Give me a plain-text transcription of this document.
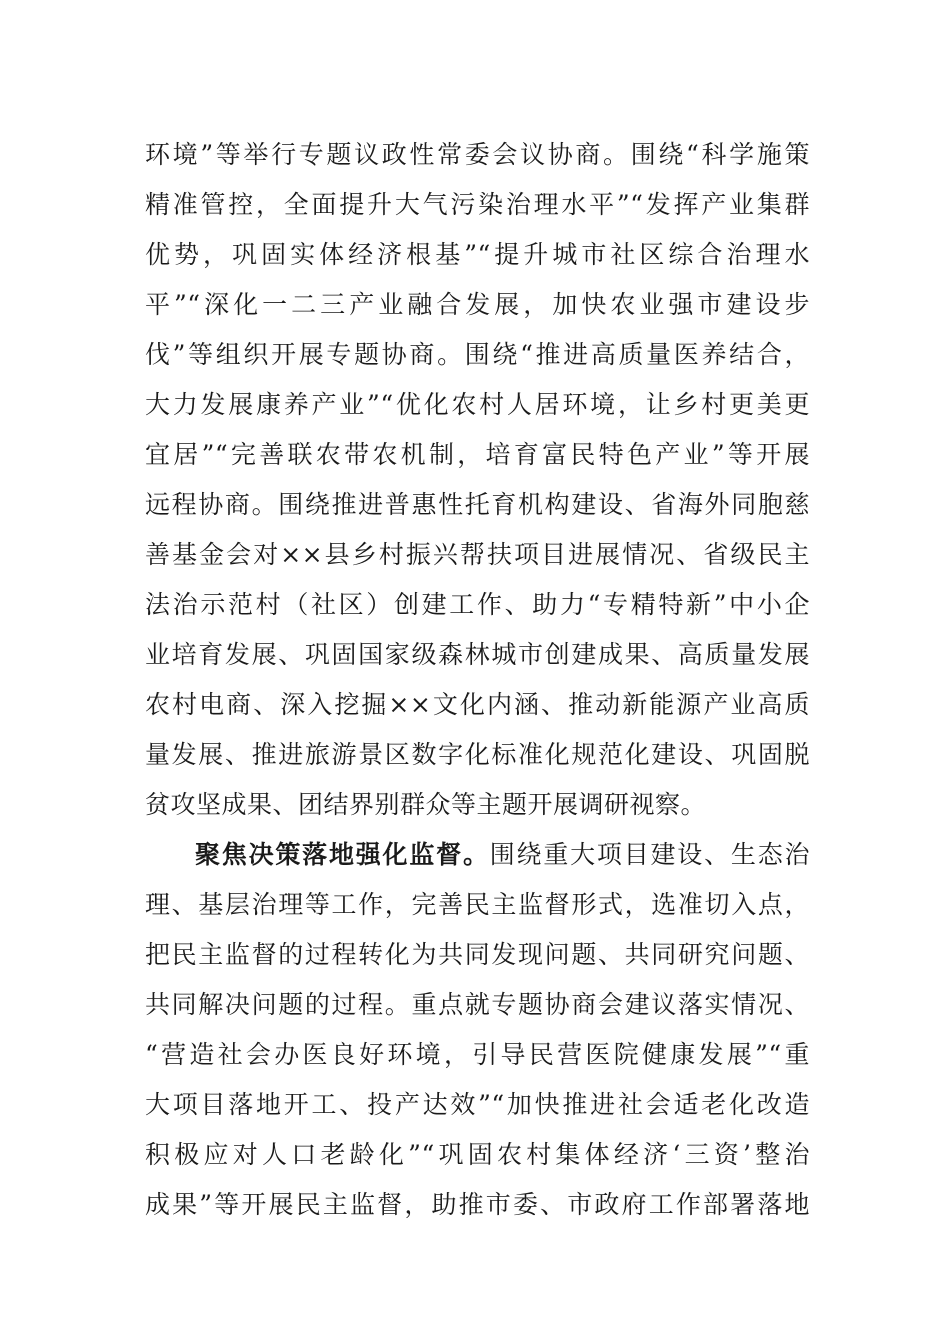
环境”等举行专题议政性常委会议协商。围绕“科学施策
精准管控，全面提升大气污染治理水平”“发挥产业集群
优势，巩固实体经济根基”“提升城市社区综合治理水
平”“深化一二三产业融合发展，加快农业强市建设步
伐”等组织开展专题协商。围绕“推进高质量医养结合，
大力发展康养产业”“优化农村人居环境，让乡村更美更
宜居”“完善联农带农机制，培育富民特色产业”等开展
远程协商。围绕推进普惠性托育机构建设、省海外同胞慈
善基金会对××县乡村振兴帮扶项目进展情况、省级民主
法治示范村（社区）创建工作、助力“专精特新”中小企
业培育发展、巩固国家级森林城市创建成果、高质量发展
农村电商、深入挖掘××文化内涵、推动新能源产业高质
量发展、推进旅游景区数字化标准化规范化建设、巩固脱
贫攻坚成果、团结界别群众等主题开展调研视察。
聚焦决策落地强化监督。围绕重大项目建设、生态治
理、基层治理等工作，完善民主监督形式，选准切入点，
把民主监督的过程转化为共同发现问题、共同研究问题、
共同解决问题的过程。重点就专题协商会建议落实情况、
“营造社会办医良好环境，引导民营医院健康发展”“重
大项目落地开工、投产达效”“加快推进社会适老化改造
积极应对人口老龄化”“巩固农村集体经济‘三资’整治
成果”等开展民主监督，助推市委、市政府工作部署落地
